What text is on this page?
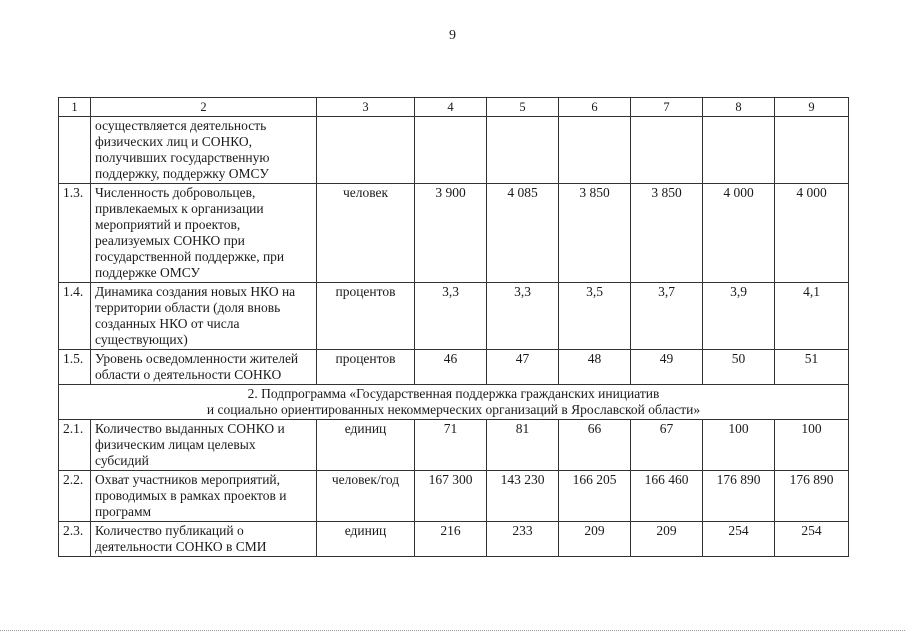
9
1	2	3	4	5	6	7	8	9
	осуществляется деятельность физических лиц и СОНКО, получивших государственную поддержку, поддержку ОМСУ							
1.3.	Численность добровольцев, привлекаемых к организации мероприятий и проектов, реализуемых СОНКО при государственной поддержке, при поддержке ОМСУ	человек	3 900	4 085	3 850	3 850	4 000	4 000
1.4.	Динамика создания новых НКО на территории области (доля вновь созданных НКО от числа существующих)	процентов	3,3	3,3	3,5	3,7	3,9	4,1
1.5.	Уровень осведомленности жителей области о деятельности СОНКО	процентов	46	47	48	49	50	51
2. Подпрограмма «Государственная поддержка гражданских инициатив
и социально ориентированных некоммерческих организаций в Ярославской области»								
2.1.	Количество выданных СОНКО и физическим лицам целевых субсидий	единиц	71	81	66	67	100	100
2.2.	Охват участников мероприятий, проводимых в рамках проектов и программ	человек/год	167 300	143 230	166 205	166 460	176 890	176 890
2.3.	Количество публикаций о деятельности СОНКО в СМИ	единиц	216	233	209	209	254	254
